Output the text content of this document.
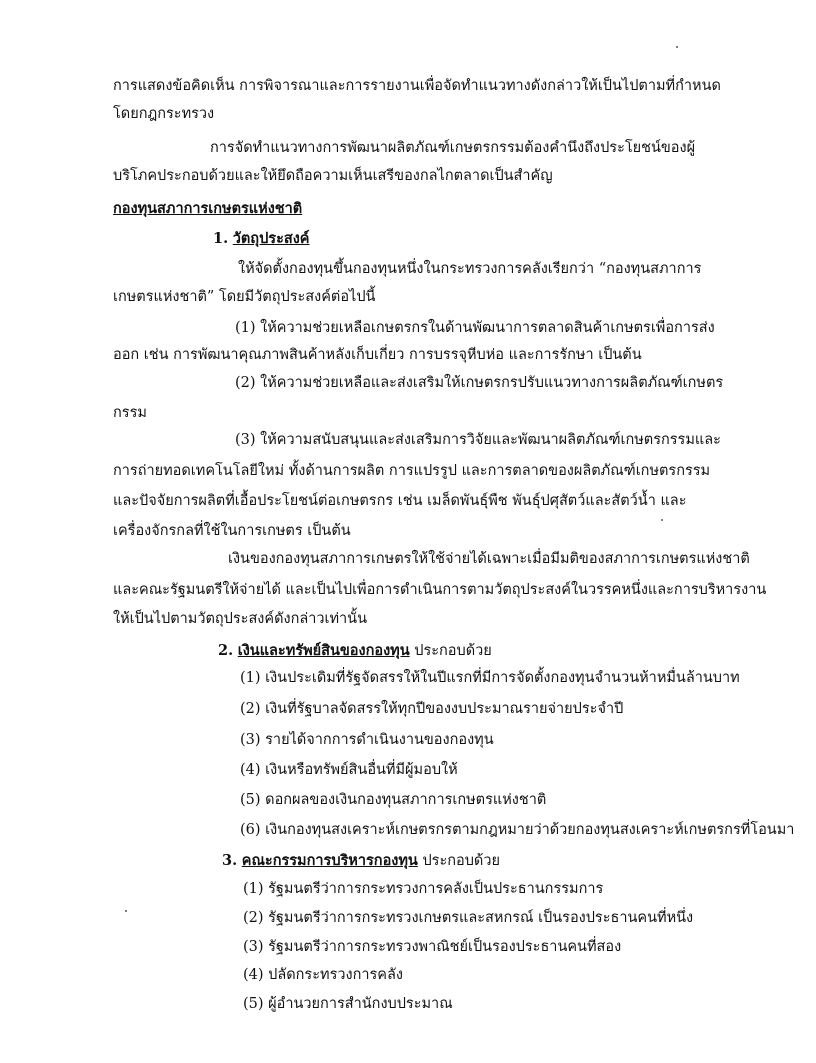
การแสดงข้อคิดเห็น การพิจารณาและการรายงานเพื่อจัดทำแนวทางดังกล่าวให้เป็นไปตามที่กำหนด
โดยกฎกระทรวง
การจัดทำแนวทางการพัฒนาผลิตภัณฑ์เกษตรกรรมต้องคำนึงถึงประโยชน์ของผู้
บริโภคประกอบด้วยและให้ยึดถือความเห็นเสรีของกลไกตลาดเป็นสำคัญ
กองทุนสภาการเกษตรแห่งชาติ
1. วัตถุประสงค์
ให้จัดตั้งกองทุนขึ้นกองทุนหนึ่งในกระทรวงการคลังเรียกว่า “กองทุนสภาการ
เกษตรแห่งชาติ” โดยมีวัตถุประสงค์ต่อไปนี้
(1) ให้ความช่วยเหลือเกษตรกรในด้านพัฒนาการตลาดสินค้าเกษตรเพื่อการส่ง
ออก เช่น การพัฒนาคุณภาพสินค้าหลังเก็บเกี่ยว การบรรจุหีบห่อ และการรักษา เป็นต้น
(2) ให้ความช่วยเหลือและส่งเสริมให้เกษตรกรปรับแนวทางการผลิตภัณฑ์เกษตร
กรรม
(3) ให้ความสนับสนุนและส่งเสริมการวิจัยและพัฒนาผลิตภัณฑ์เกษตรกรรมและ
การถ่ายทอดเทคโนโลยีใหม่ ทั้งด้านการผลิต การแปรรูป และการตลาดของผลิตภัณฑ์เกษตรกรรม
และปัจจัยการผลิตที่เอื้อประโยชน์ต่อเกษตรกร เช่น เมล็ดพันธุ์พืช พันธุ์ปศุสัตว์และสัตว์น้ำ และ
เครื่องจักรกลที่ใช้ในการเกษตร เป็นต้น
เงินของกองทุนสภาการเกษตรให้ใช้จ่ายได้เฉพาะเมื่อมีมติของสภาการเกษตรแห่งชาติ
และคณะรัฐมนตรีให้จ่ายได้ และเป็นไปเพื่อการดำเนินการตามวัตถุประสงค์ในวรรคหนึ่งและการบริหารงาน
ให้เป็นไปตามวัตถุประสงค์ดังกล่าวเท่านั้น
2. เงินและทรัพย์สินของกองทุน ประกอบด้วย
(1) เงินประเดิมที่รัฐจัดสรรให้ในปีแรกที่มีการจัดตั้งกองทุนจำนวนห้าหมื่นล้านบาท
(2) เงินที่รัฐบาลจัดสรรให้ทุกปีของงบประมาณรายจ่ายประจำปี
(3) รายได้จากการดำเนินงานของกองทุน
(4) เงินหรือทรัพย์สินอื่นที่มีผู้มอบให้
(5) ดอกผลของเงินกองทุนสภาการเกษตรแห่งชาติ
(6) เงินกองทุนสงเคราะห์เกษตรกรตามกฎหมายว่าด้วยกองทุนสงเคราะห์เกษตรกรที่โอนมา
3. คณะกรรมการบริหารกองทุน ประกอบด้วย
(1) รัฐมนตรีว่าการกระทรวงการคลังเป็นประธานกรรมการ
(2) รัฐมนตรีว่าการกระทรวงเกษตรและสหกรณ์ เป็นรองประธานคนที่หนึ่ง
(3) รัฐมนตรีว่าการกระทรวงพาณิชย์เป็นรองประธานคนที่สอง
(4) ปลัดกระทรวงการคลัง
(5) ผู้อำนวยการสำนักงบประมาณ
